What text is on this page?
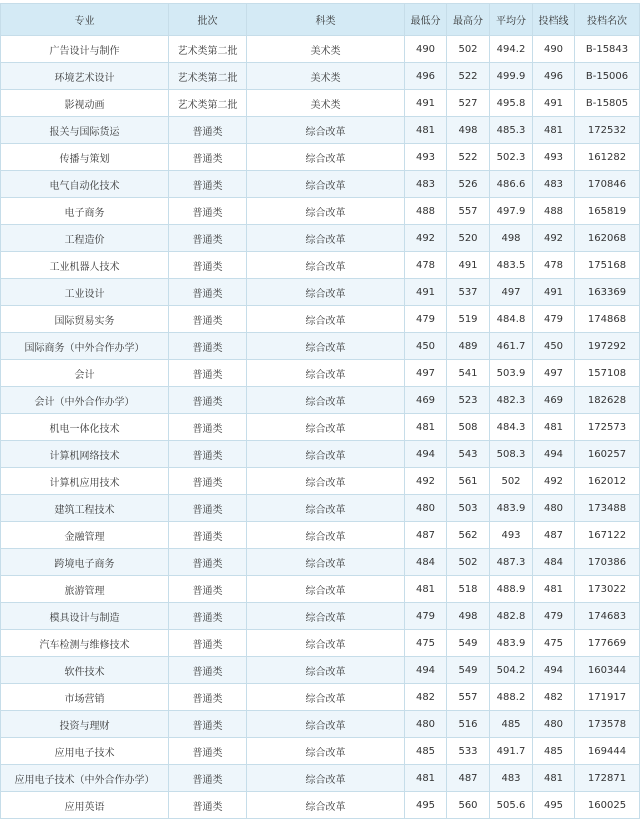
专业	批次	科类	最低分	最高分	平均分	投档线	投档名次
广告设计与制作	艺术类第二批	美术类	490	502	494.2	490	B-15843
环境艺术设计	艺术类第二批	美术类	496	522	499.9	496	B-15006
影视动画	艺术类第二批	美术类	491	527	495.8	491	B-15805
报关与国际货运	普通类	综合改革	481	498	485.3	481	172532
传播与策划	普通类	综合改革	493	522	502.3	493	161282
电气自动化技术	普通类	综合改革	483	526	486.6	483	170846
电子商务	普通类	综合改革	488	557	497.9	488	165819
工程造价	普通类	综合改革	492	520	498	492	162068
工业机器人技术	普通类	综合改革	478	491	483.5	478	175168
工业设计	普通类	综合改革	491	537	497	491	163369
国际贸易实务	普通类	综合改革	479	519	484.8	479	174868
国际商务（中外合作办学）	普通类	综合改革	450	489	461.7	450	197292
会计	普通类	综合改革	497	541	503.9	497	157108
会计（中外合作办学）	普通类	综合改革	469	523	482.3	469	182628
机电一体化技术	普通类	综合改革	481	508	484.3	481	172573
计算机网络技术	普通类	综合改革	494	543	508.3	494	160257
计算机应用技术	普通类	综合改革	492	561	502	492	162012
建筑工程技术	普通类	综合改革	480	503	483.9	480	173488
金融管理	普通类	综合改革	487	562	493	487	167122
跨境电子商务	普通类	综合改革	484	502	487.3	484	170386
旅游管理	普通类	综合改革	481	518	488.9	481	173022
模具设计与制造	普通类	综合改革	479	498	482.8	479	174683
汽车检测与维修技术	普通类	综合改革	475	549	483.9	475	177669
软件技术	普通类	综合改革	494	549	504.2	494	160344
市场营销	普通类	综合改革	482	557	488.2	482	171917
投资与理财	普通类	综合改革	480	516	485	480	173578
应用电子技术	普通类	综合改革	485	533	491.7	485	169444
应用电子技术（中外合作办学）	普通类	综合改革	481	487	483	481	172871
应用英语	普通类	综合改革	495	560	505.6	495	160025
